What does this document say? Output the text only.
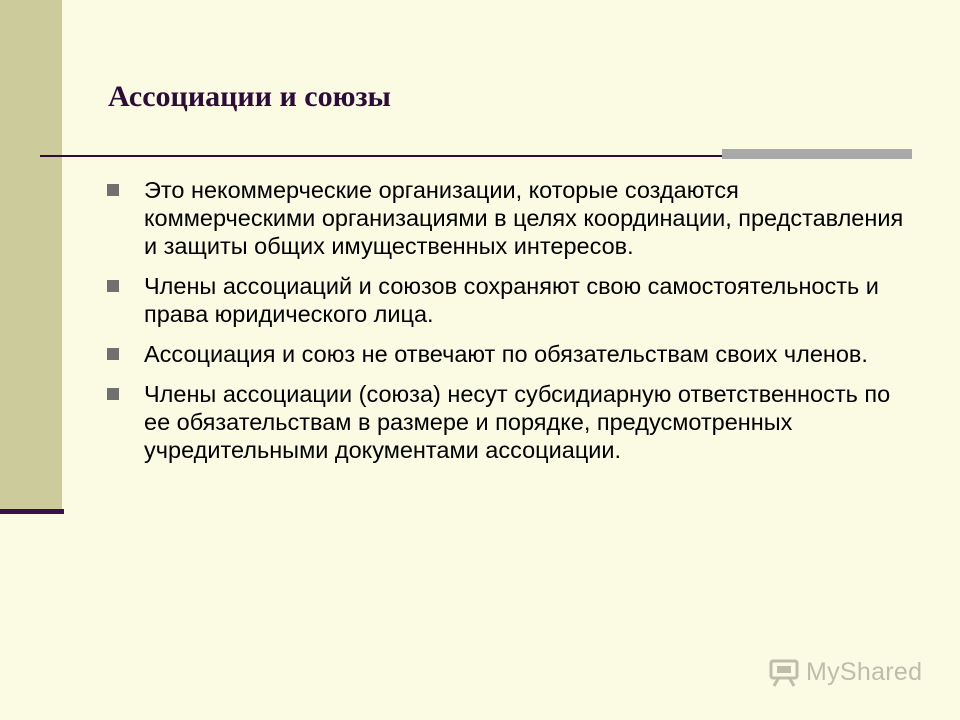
Ассоциации и союзы
Это некоммерческие организации, которые создаются коммерческими организациями в целях координации, представления и защиты общих имущественных интересов.
Члены ассоциаций и союзов сохраняют свою самостоятельность и права юридического лица.
Ассоциация и союз не отвечают по обязательствам своих членов.
Члены ассоциации (союза) несут субсидиарную ответственность по ее обязательствам в размере и порядке, предусмотренных учредительными документами ассоциации.
MyShared
